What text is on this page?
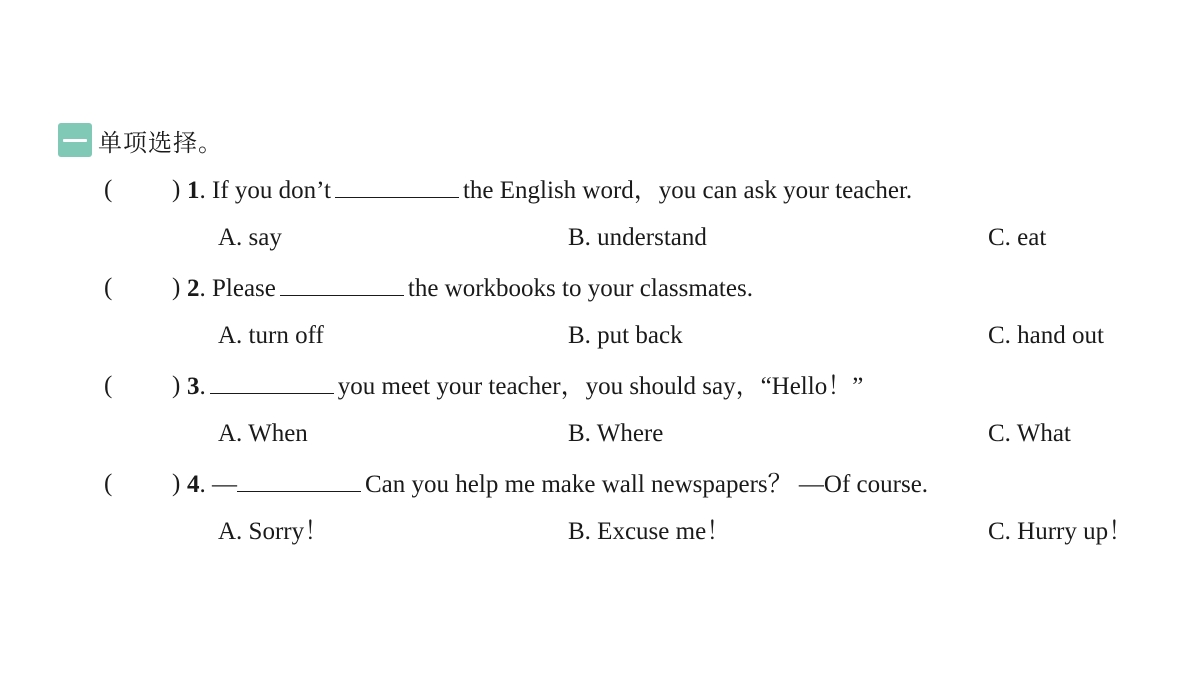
单项选择。
( ) 1. If you don’t	the English word，you can ask your teacher.
A. say	B. understand	C. eat
( ) 2. Please	the workbooks to your classmates.
A. turn off	B. put back	C. hand out
( ) 3.	you meet your teacher，you should say，“Hello！”
A. When	B. Where	C. What
( ) 4. —	Can you help me make wall newspapers？ —Of course.
A. Sorry！	B. Excuse me！	C. Hurry up！
